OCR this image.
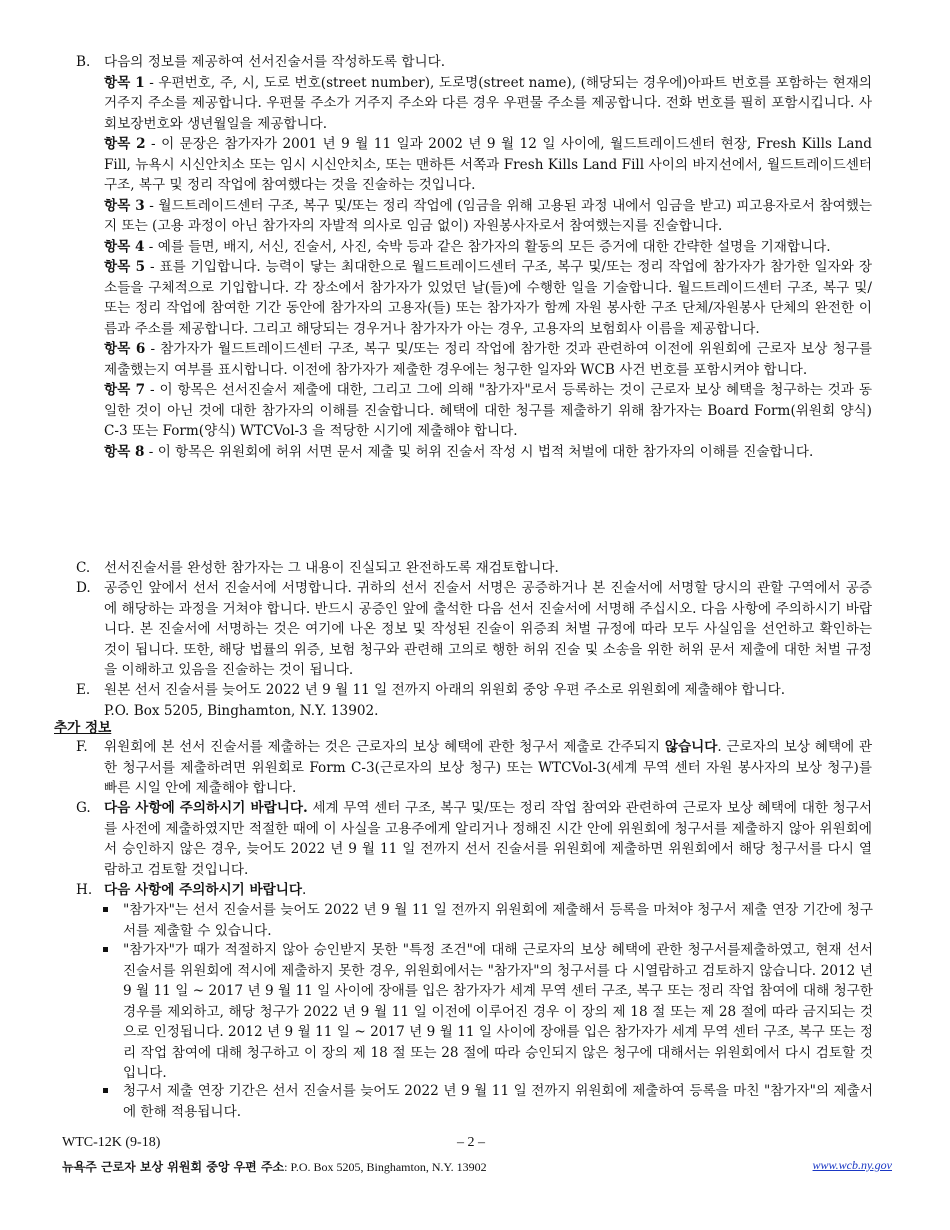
B.	다음의 정보를 제공하여 선서진술서를 작성하도록 합니다.

항목 1 - 우편번호, 주, 시, 도로 번호(street number), 도로명(street name), (해당되는 경우에)아파트 번호를 포함하는 현재의 거주지 주소를 제공합니다. 우편물 주소가 거주지 주소와 다른 경우 우편물 주소를 제공합니다. 전화 번호를 필히 포함시킵니다. 사회보장번호와 생년월일을 제공합니다.

항목 2 - 이 문장은 참가자가 2001 년 9 월 11 일과 2002 년 9 월 12 일 사이에, 월드트레이드센터 현장, Fresh Kills Land Fill, 뉴욕시 시신안치소 또는 임시 시신안치소, 또는 맨하튼 서쪽과 Fresh Kills Land Fill 사이의 바지선에서, 월드트레이드센터 구조, 복구 및 정리 작업에 참여했다는 것을 진술하는 것입니다.

항목 3 - 월드트레이드센터 구조, 복구 및/또는 정리 작업에 (임금을 위해 고용된 과정 내에서 임금을 받고) 피고용자로서 참여했는지 또는 (고용 과정이 아닌 참가자의 자발적 의사로 임금 없이) 자원봉사자로서 참여했는지를 진술합니다.

항목 4 - 예를 들면, 배지, 서신, 진술서, 사진, 숙박 등과 같은 참가자의 활동의 모든 증거에 대한 간략한 설명을 기재합니다.

항목 5 - 표를 기입합니다. 능력이 닿는 최대한으로 월드트레이드센터 구조, 복구 및/또는 정리 작업에 참가자가 참가한 일자와 장소들을 구체적으로 기입합니다. 각 장소에서 참가자가 있었던 날(들)에 수행한 일을 기술합니다. 월드트레이드센터 구조, 복구 및/또는 정리 작업에 참여한 기간 동안에 참가자의 고용자(들) 또는 참가자가 함께 자원 봉사한 구조 단체/자원봉사 단체의 완전한 이름과 주소를 제공합니다. 그리고 해당되는 경우거나 참가자가 아는 경우, 고용자의 보험회사 이름을 제공합니다.

항목 6 - 참가자가 월드트레이드센터 구조, 복구 및/또는 정리 작업에 참가한 것과 관련하여 이전에 위원회에 근로자 보상 청구를 제출했는지 여부를 표시합니다. 이전에 참가자가 제출한 경우에는 청구한 일자와 WCB 사건 번호를 포함시켜야 합니다.

항목 7 - 이 항목은 선서진술서 제출에 대한, 그리고 그에 의해 "참가자"로서 등록하는 것이 근로자 보상 혜택을 청구하는 것과 동일한 것이 아닌 것에 대한 참가자의 이해를 진술합니다. 혜택에 대한 청구를 제출하기 위해 참가자는 Board Form(위원회 양식) C-3 또는 Form(양식) WTCVol-3 을 적당한 시기에 제출해야 합니다.

항목 8 - 이 항목은 위원회에 허위 서면 문서 제출 및 허위 진술서 작성 시 법적 처벌에 대한 참가자의 이해를 진술합니다.

C.	선서진술서를 완성한 참가자는 그 내용이 진실되고 완전하도록 재검토합니다.

D. 공증인 앞에서 선서 진술서에 서명합니다. 귀하의 선서 진술서 서명은 공증하거나 본 진술서에 서명할 당시의 관할 구역에서 공증에 해당하는 과정을 거쳐야 합니다. 반드시 공증인 앞에 출석한 다음 선서 진술서에 서명해 주십시오. 다음 사항에 주의하시기 바랍니다. 본 진술서에 서명하는 것은 여기에 나온 정보 및 작성된 진술이 위증죄 처벌 규정에 따라 모두 사실임을 선언하고 확인하는 것이 됩니다. 또한, 해당 법률의 위증, 보험 청구와 관련해 고의로 행한 허위 진술 및 소송을 위한 허위 문서 제출에 대한 처벌 규정을 이해하고 있음을 진술하는 것이 됩니다.

E.	원본 선서 진술서를 늦어도 2022 년 9 월 11 일 전까지 아래의 위원회 중앙 우편 주소로 위원회에 제출해야 합니다.

P.O. Box 5205, Binghamton, N.Y. 13902.

추가 정보
F.	위원회에 본 선서 진술서를 제출하는 것은 근로자의 보상 혜택에 관한 청구서 제출로 간주되지 않습니다. 근로자의 보상 혜택에 관한 청구서를 제출하려면 위원회로 Form C-3(근로자의 보상 청구) 또는 WTCVol-3(세계 무역 센터 자원 봉사자의 보상 청구)를 빠른 시일 안에 제출해야 합니다.

G. 다음 사항에 주의하시기 바랍니다. 세계 무역 센터 구조, 복구 및/또는 정리 작업 참여와 관련하여 근로자 보상 혜택에 대한 청구서를 사전에 제출하였지만 적절한 때에 이 사실을 고용주에게 알리거나 정해진 시간 안에 위원회에 청구서를 제출하지 않아 위원회에서 승인하지 않은 경우, 늦어도 2022 년 9 월 11 일 전까지 선서 진술서를 위원회에 제출하면 위원회에서 해당 청구서를 다시 열람하고 검토할 것입니다.

H. 다음 사항에 주의하시기 바랍니다.

"참가자"는 선서 진술서를 늦어도 2022 년 9 월 11 일 전까지 위원회에 제출해서 등록을 마쳐야 청구서 제출 연장 기간에 청구서를 제출할 수 있습니다.
"참가자"가 때가 적절하지 않아 승인받지 못한 "특정 조건"에 대해 근로자의 보상 혜택에 관한 청구서를제출하였고, 현재 선서 진술서를 위원회에 적시에 제출하지 못한 경우, 위원회에서는 "참가자"의 청구서를 다 시열람하고 검토하지 않습니다. 2012 년 9 월 11 일 ~ 2017 년 9 월 11 일 사이에 장애를 입은 참가자가 세계 무역 센터 구조, 복구 또는 정리 작업 참여에 대해 청구한 경우를 제외하고, 해당 청구가 2022 년 9 월 11 일 이전에 이루어진 경우 이 장의 제 18 절 또는 제 28 절에 따라 금지되는 것으로 인정됩니다. 2012 년 9 월 11 일 ~ 2017 년 9 월 11 일 사이에 장애를 입은 참가자가 세계 무역 센터 구조, 복구 또는 정리 작업 참여에 대해 청구하고 이 장의 제 18 절 또는 28 절에 따라 승인되지 않은 청구에 대해서는 위원회에서 다시 검토할 것입니다.
청구서 제출 연장 기간은 선서 진술서를 늦어도 2022 년 9 월 11 일 전까지 위원회에 제출하여 등록을 마친 "참가자"의 제출서에 한해 적용됩니다.
WTC-12K (9-18)	– 2 –
뉴욕주 근로자 보상 위원회 중앙 우편 주소: P.O. Box 5205, Binghamton, N.Y. 13902	www.wcb.ny.gov
